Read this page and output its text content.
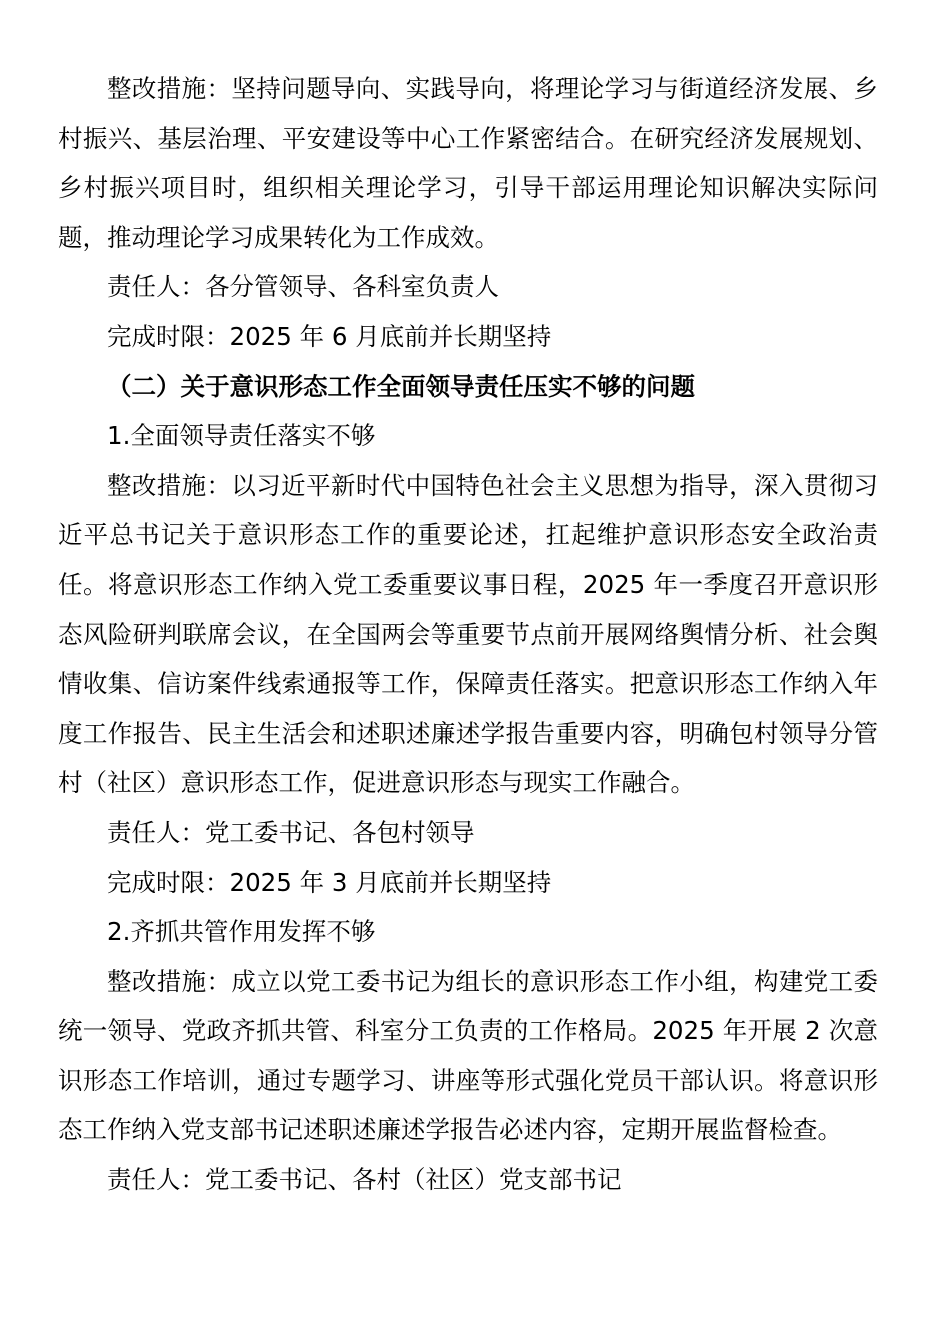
整改措施：坚持问题导向、实践导向，将理论学习与街道经济发展、乡村振兴、基层治理、平安建设等中心工作紧密结合。在研究经济发展规划、乡村振兴项目时，组织相关理论学习，引导干部运用理论知识解决实际问题，推动理论学习成果转化为工作成效。

责任人：各分管领导、各科室负责人

完成时限：2025 年 6 月底前并长期坚持

（二）关于意识形态工作全面领导责任压实不够的问题

1.全面领导责任落实不够

整改措施：以习近平新时代中国特色社会主义思想为指导，深入贯彻习近平总书记关于意识形态工作的重要论述，扛起维护意识形态安全政治责任。将意识形态工作纳入党工委重要议事日程，2025 年一季度召开意识形态风险研判联席会议，在全国两会等重要节点前开展网络舆情分析、社会舆情收集、信访案件线索通报等工作，保障责任落实。把意识形态工作纳入年度工作报告、民主生活会和述职述廉述学报告重要内容，明确包村领导分管村（社区）意识形态工作，促进意识形态与现实工作融合。

责任人：党工委书记、各包村领导

完成时限：2025 年 3 月底前并长期坚持

2.齐抓共管作用发挥不够

整改措施：成立以党工委书记为组长的意识形态工作小组，构建党工委统一领导、党政齐抓共管、科室分工负责的工作格局。2025 年开展 2 次意识形态工作培训，通过专题学习、讲座等形式强化党员干部认识。将意识形态工作纳入党支部书记述职述廉述学报告必述内容，定期开展监督检查。

责任人：党工委书记、各村（社区）党支部书记
